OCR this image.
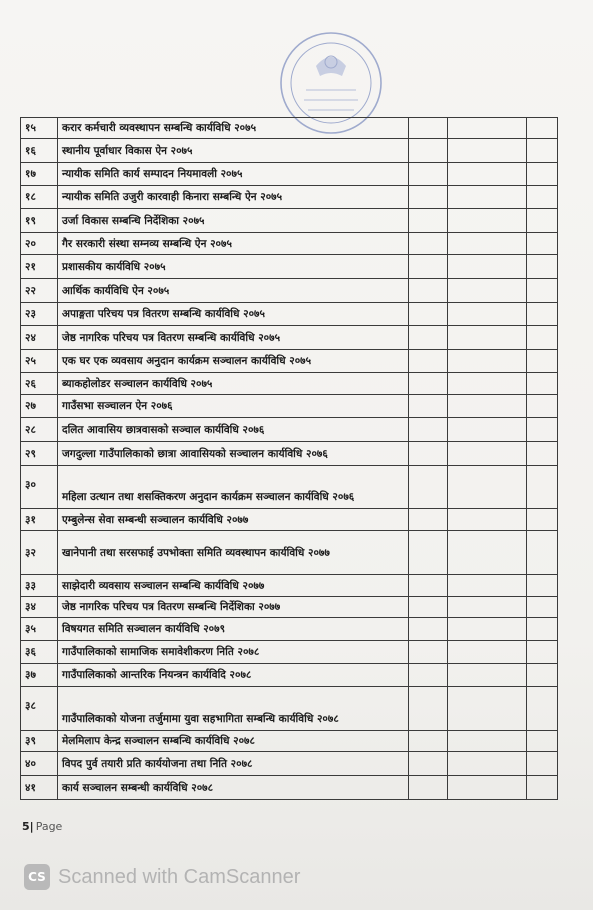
१५	करार कर्मचारी व्यवस्थापन सम्बन्धि कार्यविधि २०७५			
१६	स्थानीय पूर्वाधार विकास ऐन २०७५			
१७	न्यायीक समिति कार्य सम्पादन नियमावली २०७५			
१८	न्यायीक समिति उजुरी कारवाही किनारा सम्बन्धि ऐन २०७५			
१९	उर्जा विकास सम्बन्धि निर्देशिका २०७५			
२०	गैर सरकारी संस्था सम्नव्य सम्बन्धि ऐन २०७५			
२१	प्रशासकीय कार्यविधि २०७५			
२२	आर्थिक कार्यविधि ऐन २०७५			
२३	अपाङ्गता परिचय पत्र वितरण सम्बन्धि कार्यविधि २०७५			
२४	जेष्ठ नागरिक परिचय पत्र वितरण सम्बन्धि कार्यविधि २०७५			
२५	एक घर एक व्यवसाय अनुदान कार्यक्रम सञ्चालन कार्यविधि २०७५			
२६	ब्याकहोलोडर सञ्चालन कार्यविधि २०७५			
२७	गाउँसभा सञ्चालन ऐन २०७६			
२८	दलित आवासिय छात्रवासको सञ्चाल कार्यविधि २०७६			
२९	जगदुल्ला गाउँपालिकाको छात्रा आवासियको सञ्चालन कार्यविधि २०७६			
३०	महिला उत्थान तथा शसक्तिकरण अनुदान कार्यक्रम सञ्चालन कार्यविधि २०७६			
३१	एम्बुलेन्स सेवा सम्बन्धी सञ्चालन कार्यविधि २०७७			
३२	खानेपानी तथा सरसफाई उपभोक्ता समिति व्यवस्थापन कार्यविधि २०७७			
३३	साझेदारी व्यवसाय सञ्चालन सम्बन्धि कार्यविधि २०७७			
३४	जेष्ठ नागरिक परिचय पत्र वितरण सम्बन्धि निर्देशिका २०७७			
३५	विषयगत समिति सञ्चालन कार्यविधि २०७९			
३६	गाउँपालिकाको सामाजिक समावेशीकरण निति २०७८			
३७	गाउँपालिकाको आन्तरिक नियन्त्रन कार्यविदि २०७८			
३८	गाउँपालिकाको योजना तर्जुमामा युवा सहभागिता सम्बन्धि कार्यविधि २०७८			
३९	मेलमिलाप केन्द्र सञ्चालन सम्बन्धि कार्यविधि २०७८			
४०	विपद पुर्व तयारी प्रति कार्ययोजना तथा निति २०७८			
४१	कार्य सञ्चालन सम्बन्धी कार्यविधि २०७८			
5| Page
CS Scanned with CamScanner
